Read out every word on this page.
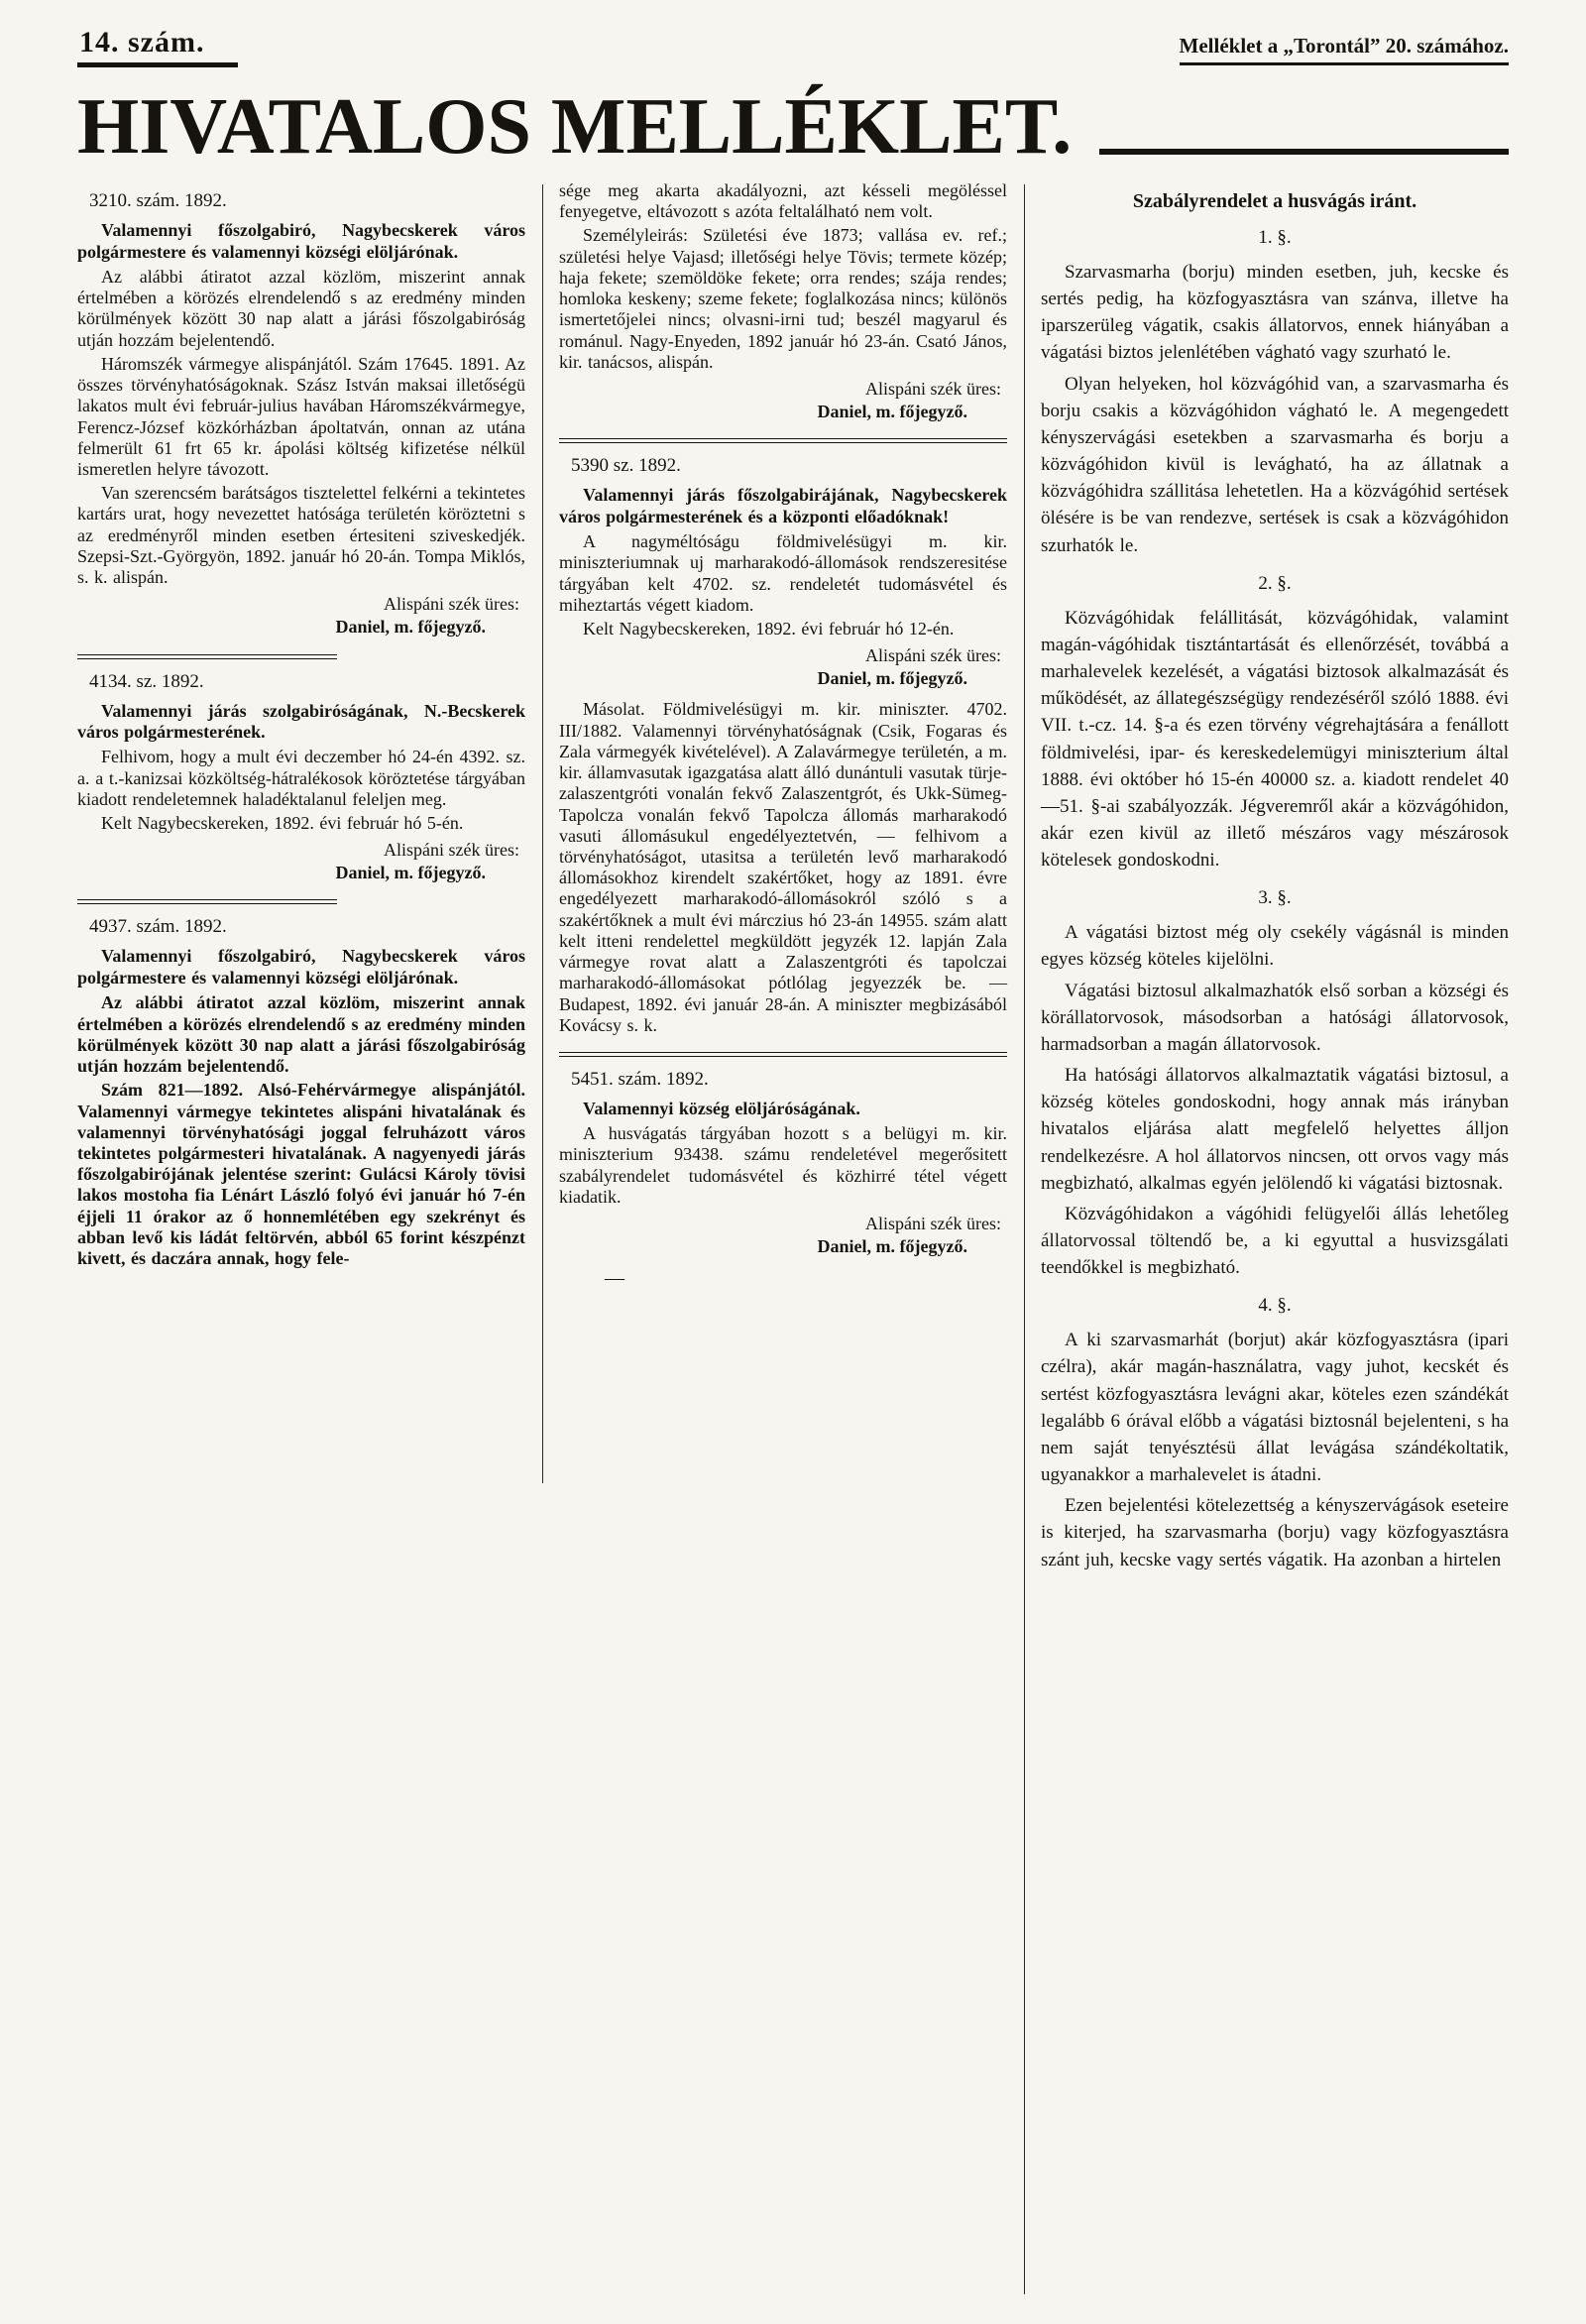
14. szám.	Melléklet a „Torontál” 20. számához.
HIVATALOS MELLÉKLET.
3210. szám. 1892.

Valamennyi főszolgabiró, Nagybecskerek város polgármestere és valamennyi községi elöljárónak.

Az alábbi átiratot azzal közlöm, miszerint annak értelmében a körözés elrendelendő s az eredmény minden körülmények között 30 nap alatt a járási főszolgabiróság utján hozzám bejelentendő.

Háromszék vármegye alispánjától. Szám 17645. 1891. Az összes törvényhatóságoknak. Szász István maksai illetőségü lakatos mult évi február-julius havában Háromszékvármegye, Ferencz-József közkórházban ápoltatván, onnan az utána felmerült 61 frt 65 kr. ápolási költség kifizetése nélkül ismeretlen helyre távozott.

Van szerencsém barátságos tisztelettel felkérni a tekintetes kartárs urat, hogy nevezettet hatósága területén köröztetni s az eredményről minden esetben értesiteni sziveskedjék. Szepsi-Szt.-Györgyön, 1892. január hó 20-án. Tompa Miklós, s. k. alispán.

Alispáni szék üres:
Daniel, m. főjegyző.
4134. sz. 1892.

Valamennyi járás szolgabiróságának, N.-Becskerek város polgármesterének.

Felhivom, hogy a mult évi deczember hó 24-én 4392. sz. a. a t.-kanizsai közköltség-hátralékosok köröztetése tárgyában kiadott rendeletemnek haladéktalanul feleljen meg.

Kelt Nagybecskereken, 1892. évi február hó 5-én.

Alispáni szék üres:
Daniel, m. főjegyző.
4937. szám. 1892.

Valamennyi főszolgabiró, Nagybecskerek város polgármestere és valamennyi községi elöljárónak.

Az alábbi átiratot azzal közlöm, miszerint annak értelmében a körözés elrendelendő s az eredmény minden körülmények között 30 nap alatt a járási főszolgabiróság utján hozzám bejelentendő.

Szám 821—1892. Alsó-Fehérvármegye alispánjától. Valamennyi vármegye tekintetes alispáni hivatalának és valamennyi törvényhatósági joggal felruházott város tekintetes polgármesteri hivatalának. A nagyenyedi járás főszolgabirójának jelentése szerint: Gulácsi Károly tövisi lakos mostoha fia Lénárt László folyó évi január hó 7-én éjjeli 11 órakor az ő honnemlétében egy szekrényt és abban levő kis ládát feltörvén, abból 65 forint készpénzt kivett, és daczára annak, hogy fele-

sége meg akarta akadályozni, azt késseli megöléssel fenyegetve, eltávozott s azóta feltalálható nem volt.

Személyleirás: Születési éve 1873; vallása ev. ref.; születési helye Vajasd; illetőségi helye Tövis; termete közép; haja fekete; szemöldöke fekete; orra rendes; szája rendes; homloka keskeny; szeme fekete; foglalkozása nincs; különös ismertetőjelei nincs; olvasni-irni tud; beszél magyarul és románul. Nagy-Enyeden, 1892 január hó 23-án. Csató János, kir. tanácsos, alispán.

Alispáni szék üres:
Daniel, m. főjegyző.
5390 sz. 1892.

Valamennyi járás főszolgabirájának, Nagybecskerek város polgármesterének és a központi előadóknak!

A nagyméltóságu földmivelésügyi m. kir. miniszteriumnak uj marharakodó-állomások rendszeresitése tárgyában kelt 4702. sz. rendeletét tudomásvétel és miheztartás végett kiadom.

Kelt Nagybecskereken, 1892. évi február hó 12-én.

Alispáni szék üres:
Daniel, m. főjegyző.

Másolat. Földmivelésügyi m. kir. miniszter. 4702. III/1882. Valamennyi törvényhatóságnak (Csik, Fogaras és Zala vármegyék kivételével). A Zalavármegye területén, a m. kir. államvasutak igazgatása alatt álló dunántuli vasutak türje-zalaszentgróti vonalán fekvő Zalaszentgrót, és Ukk-Sümeg-Tapolcza vonalán fekvő Tapolcza állomás marharakodó vasuti állomásukul engedélyeztetvén, — felhivom a törvényhatóságot, utasitsa a területén levő marharakodó állomásokhoz kirendelt szakértőket, hogy az 1891. évre engedélyezett marharakodó-állomásokról szóló s a szakértőknek a mult évi márczius hó 23-án 14955. szám alatt kelt itteni rendelettel megküldött jegyzék 12. lapján Zala vármegye rovat alatt a Zalaszentgróti és tapolczai marharakodó-állomásokat pótlólag jegyezzék be. — Budapest, 1892. évi január 28-án. A miniszter megbizásából Kovácsy s. k.

5451. szám. 1892.

Valamennyi község elöljáróságának.

A husvágatás tárgyában hozott s a belügyi m. kir. miniszterium 93438. számu rendeletével megerősitett szabályrendelet tudomásvétel és közhirré tétel végett kiadatik.

Alispáni szék üres:
Daniel, m. főjegyző.
—
Szabályrendelet a husvágás iránt.
1. §.

Szarvasmarha (borju) minden esetben, juh, kecske és sertés pedig, ha közfogyasztásra van szánva, illetve ha iparszerüleg vágatik, csakis állatorvos, ennek hiányában a vágatási biztos jelenlétében vágható vagy szurható le.

Olyan helyeken, hol közvágóhid van, a szarvasmarha és borju csakis a közvágóhidon vágható le. A megengedett kényszervágási esetekben a szarvasmarha és borju a közvágóhidon kivül is levágható, ha az állatnak a közvágóhidra szállitása lehetetlen. Ha a közvágóhid sertések ölésére is be van rendezve, sertések is csak a közvágóhidon szurhatók le.

2. §.

Közvágóhidak felállitását, közvágóhidak, valamint magán-vágóhidak tisztántartását és ellenőrzését, továbbá a marhalevelek kezelését, a vágatási biztosok alkalmazását és működését, az állategészségügy rendezéséről szóló 1888. évi VII. t.-cz. 14. §-a és ezen törvény végrehajtására a fenállott földmivelési, ipar- és kereskedelemügyi miniszterium által 1888. évi október hó 15-én 40000 sz. a. kiadott rendelet 40—51. §-ai szabályozzák. Jégveremről akár a közvágóhidon, akár ezen kivül az illető mészáros vagy mészárosok kötelesek gondoskodni.

3. §.

A vágatási biztost még oly csekély vágásnál is minden egyes község köteles kijelölni.

Vágatási biztosul alkalmazhatók első sorban a községi és körállatorvosok, másodsorban a hatósági állatorvosok, harmadsorban a magán állatorvosok.

Ha hatósági állatorvos alkalmaztatik vágatási biztosul, a község köteles gondoskodni, hogy annak más irányban hivatalos eljárása alatt megfelelő helyettes álljon rendelkezésre. A hol állatorvos nincsen, ott orvos vagy más megbizható, alkalmas egyén jelölendő ki vágatási biztosnak.

Közvágóhidakon a vágóhidi felügyelői állás lehetőleg állatorvossal töltendő be, a ki egyuttal a husvizsgálati teendőkkel is megbizható.

4. §.

A ki szarvasmarhát (borjut) akár közfogyasztásra (ipari czélra), akár magán-használatra, vagy juhot, kecskét és sertést közfogyasztásra levágni akar, köteles ezen szándékát legalább 6 órával előbb a vágatási biztosnál bejelenteni, s ha nem saját tenyésztésü állat levágása szándékoltatik, ugyanakkor a marhalevelet is átadni.

Ezen bejelentési kötelezettség a kényszervágások eseteire is kiterjed, ha szarvasmarha (borju) vagy közfogyasztásra szánt juh, kecske vagy sertés vágatik. Ha azonban a hirtelen
